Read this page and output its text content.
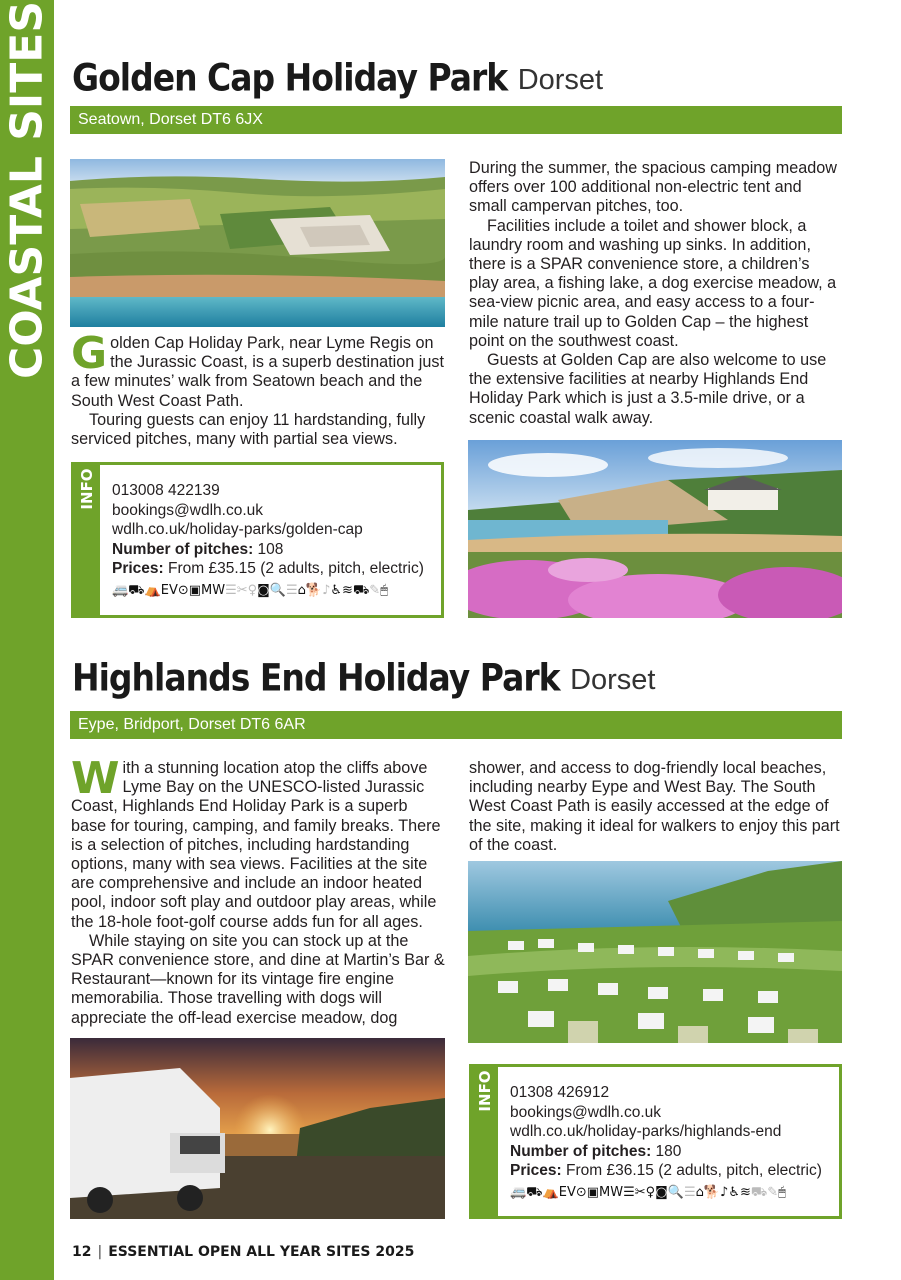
COASTAL SITES Golden Cap Holiday Park Dorset
Seatown, Dorset DT6 6JX

Golden Cap Holiday Park, near Lyme Regis on the Jurassic Coast, is a superb destination just a few minutes’ walk from Seatown beach and the South West Coast Path.

Touring guests can enjoy 11 hardstanding, fully serviced pitches, many with partial sea views.

INFO 013008 422139
bookings@wdlh.co.uk
wdlh.co.uk/holiday-parks/golden-cap
Number of pitches: 108
Prices: From £35.15 (2 adults, pitch, electric)
🚐⛟⛺EV⊙▣MW☰✂♀◙🔍☰⌂🐕♪♿≋⛟✎🖱

During the summer, the spacious camping meadow offers over 100 additional non-electric tent and small campervan pitches, too.

Facilities include a toilet and shower block, a laundry room and washing up sinks. In addition, there is a SPAR convenience store, a children’s play area, a fishing lake, a dog exercise meadow, a sea-view picnic area, and easy access to a four-mile nature trail up to Golden Cap – the highest point on the southwest coast.

Guests at Golden Cap are also welcome to use the extensive facilities at nearby Highlands End Holiday Park which is just a 3.5-mile drive, or a scenic coastal walk away.

Highlands End Holiday Park Dorset
Eype, Bridport, Dorset DT6 6AR

With a stunning location atop the cliffs above Lyme Bay on the UNESCO-listed Jurassic Coast, Highlands End Holiday Park is a superb base for touring, camping, and family breaks. There is a selection of pitches, including hardstanding options, many with sea views. Facilities at the site are comprehensive and include an indoor heated pool, indoor soft play and outdoor play areas, while the 18-hole foot-golf course adds fun for all ages.

While staying on site you can stock up at the SPAR convenience store, and dine at Martin’s Bar & Restaurant—known for its vintage fire engine memorabilia. Those travelling with dogs will appreciate the off-lead exercise meadow, dog

shower, and access to dog-friendly local beaches, including nearby Eype and West Bay. The South West Coast Path is easily accessed at the edge of the site, making it ideal for walkers to enjoy this part of the coast.

INFO 01308 426912
bookings@wdlh.co.uk
wdlh.co.uk/holiday-parks/highlands-end
Number of pitches: 180
Prices: From £36.15 (2 adults, pitch, electric)
🚐⛟⛺EV⊙▣MW☰✂♀◙🔍☰⌂🐕♪♿≋⛟✎🖱
12 | ESSENTIAL OPEN ALL YEAR SITES 2025
